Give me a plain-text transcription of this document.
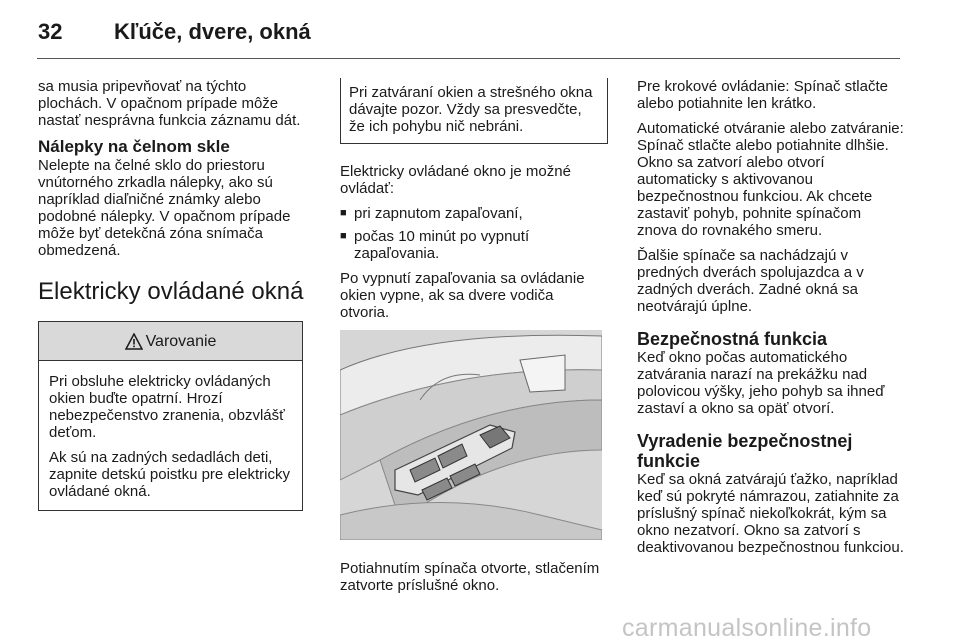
32 Kľúče, dvere, okná

sa musia pripevňovať na týchto plochách. V opačnom prípade môže nastať nesprávna funkcia záznamu dát.

Nálepky na čelnom skle

Nelepte na čelné sklo do priestoru vnútorného zrkadla nálepky, ako sú napríklad diaľničné známky alebo podobné nálepky. V opačnom prípade môže byť detekčná zóna snímača obmedzená.

Elektricky ovládané okná
Varovanie

Pri obsluhe elektricky ovládaných okien buďte opatrní. Hrozí nebezpečenstvo zranenia, obzvlášť deťom.

Ak sú na zadných sedadlách deti, zapnite detskú poistku pre elektricky ovládané okná.

Pri zatváraní okien a strešného okna dávajte pozor. Vždy sa presvedčte, že ich pohybu nič nebráni.

Elektricky ovládané okno je možné ovládať:

■ pri zapnutom zapaľovaní,
■ počas 10 minút po vypnutí zapaľovania.

Po vypnutí zapaľovania sa ovládanie okien vypne, ak sa dvere vodiča otvoria.

Potiahnutím spínača otvorte, stlačením zatvorte príslušné okno.

Pre krokové ovládanie: Spínač stlačte alebo potiahnite len krátko.

Automatické otváranie alebo zatváranie: Spínač stlačte alebo potiahnite dlhšie. Okno sa zatvorí alebo otvorí automaticky s aktivovanou bezpečnostnou funkciou. Ak chcete zastaviť pohyb, pohnite spínačom znova do rovnakého smeru.

Ďalšie spínače sa nachádzajú v predných dverách spolujazdca a v zadných dverách. Zadné okná sa neotvárajú úplne.

Bezpečnostná funkcia

Keď okno počas automatického zatvárania narazí na prekážku nad polovicou výšky, jeho pohyb sa ihneď zastaví a okno sa opäť otvorí.

Vyradenie bezpečnostnej funkcie

Keď sa okná zatvárajú ťažko, napríklad keď sú pokryté námrazou, zatiahnite za príslušný spínač niekoľkokrát, kým sa okno nezatvorí. Okno sa zatvorí s deaktivovanou bezpečnostnou funkciou.

carmanualsonline.info
